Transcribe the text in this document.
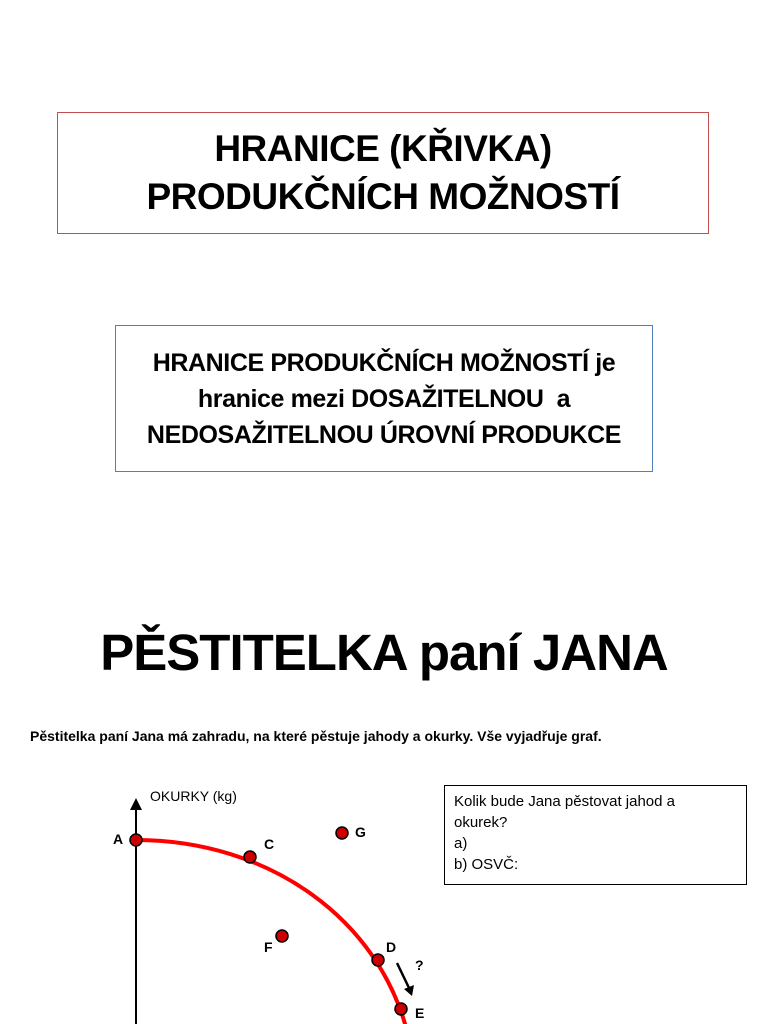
HRANICE (KŘIVKA)
PRODUKČNÍCH MOŽNOSTÍ
HRANICE PRODUKČNÍCH MOŽNOSTÍ je
hranice mezi DOSAŽITELNOU  a
NEDOSAŽITELNOU ÚROVNÍ PRODUKCE
PĚSTITELKA paní JANA
Pěstitelka paní Jana má zahradu, na které pěstuje jahody a okurky. Vše vyjadřuje graf.
OKURKY (kg)
?
A	C
G
F	D
E
Kolik bude Jana pěstovat jahod a
okurek?
a)
b) OSVČ:
